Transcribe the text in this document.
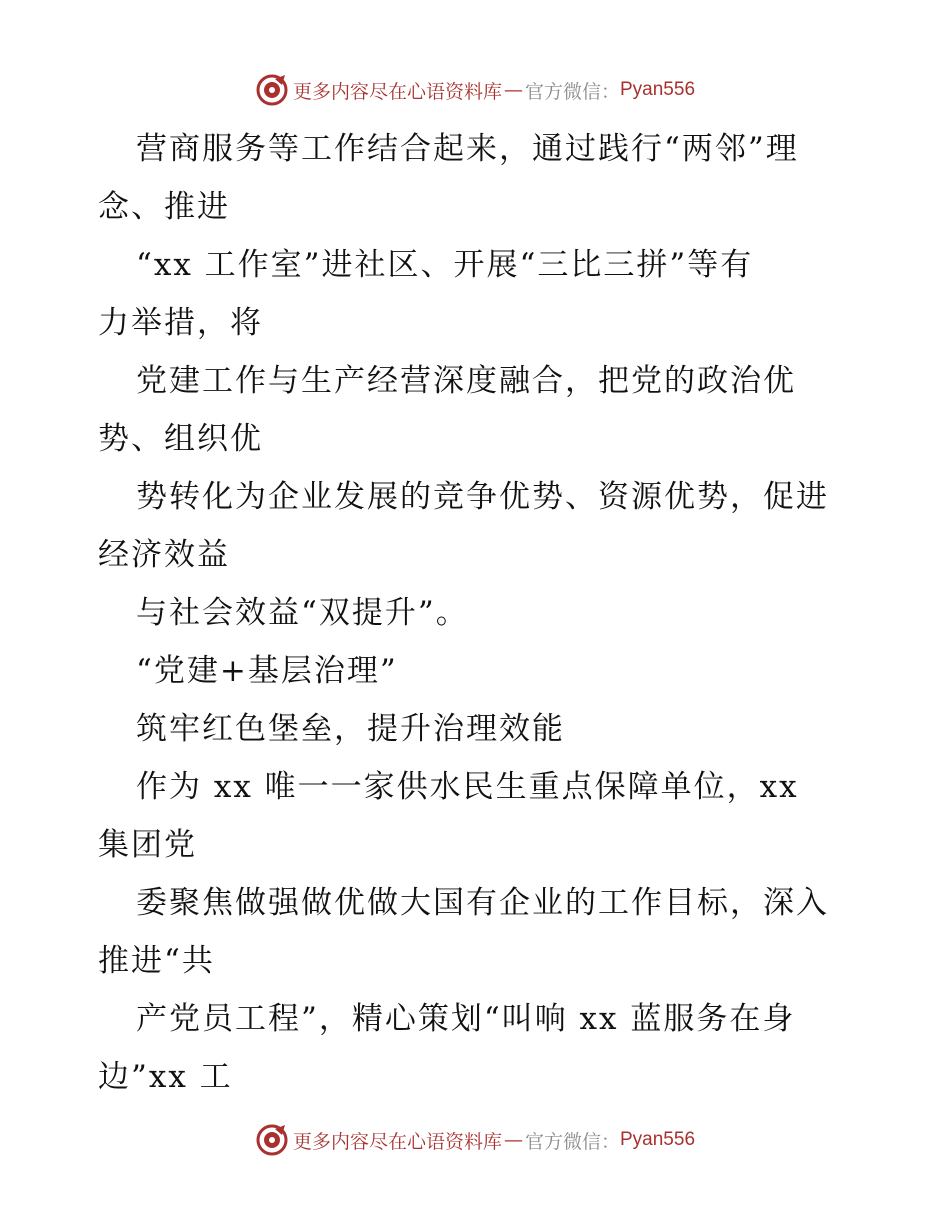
更多内容尽在心语资料库 — 官方微信： Pyan556
营商服务等工作结合起来，通过践行“两邻”理
念、推进
“xx 工作室”进社区、开展“三比三拼”等有
力举措，将
党建工作与生产经营深度融合，把党的政治优
势、组织优
势转化为企业发展的竞争优势、资源优势，促进
经济效益
与社会效益“双提升”。
“党建+基层治理”
筑牢红色堡垒，提升治理效能
作为 xx 唯一一家供水民生重点保障单位，xx
集团党
委聚焦做强做优做大国有企业的工作目标，深入
推进“共
产党员工程”，精心策划“叫响 xx 蓝服务在身
边”xx 工
更多内容尽在心语资料库 — 官方微信： Pyan556
